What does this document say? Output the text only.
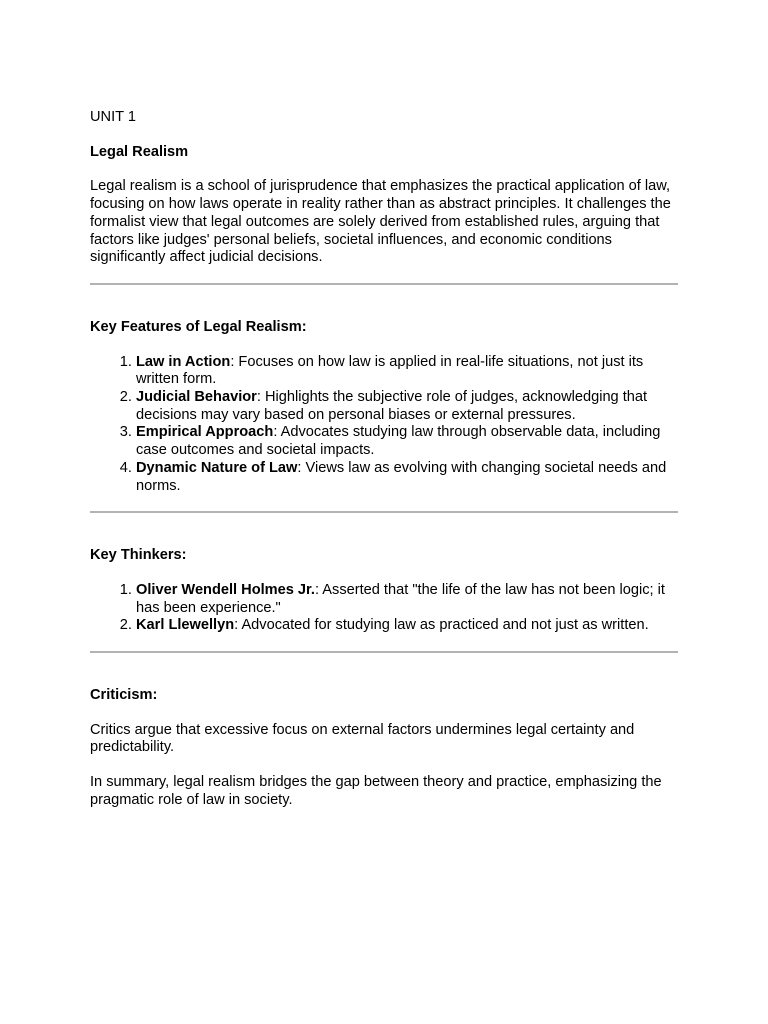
UNIT 1

Legal Realism

Legal realism is a school of jurisprudence that emphasizes the practical application of law, focusing on how laws operate in reality rather than as abstract principles. It challenges the formalist view that legal outcomes are solely derived from established rules, arguing that factors like judges' personal beliefs, societal influences, and economic conditions significantly affect judicial decisions.

Key Features of Legal Realism:

1. Law in Action: Focuses on how law is applied in real-life situations, not just its written form.
2. Judicial Behavior: Highlights the subjective role of judges, acknowledging that decisions may vary based on personal biases or external pressures.
3. Empirical Approach: Advocates studying law through observable data, including case outcomes and societal impacts.
4. Dynamic Nature of Law: Views law as evolving with changing societal needs and norms.

Key Thinkers:

1. Oliver Wendell Holmes Jr.: Asserted that "the life of the law has not been logic; it has been experience."
2. Karl Llewellyn: Advocated for studying law as practiced and not just as written.

Criticism:

Critics argue that excessive focus on external factors undermines legal certainty and predictability.

In summary, legal realism bridges the gap between theory and practice, emphasizing the pragmatic role of law in society.
